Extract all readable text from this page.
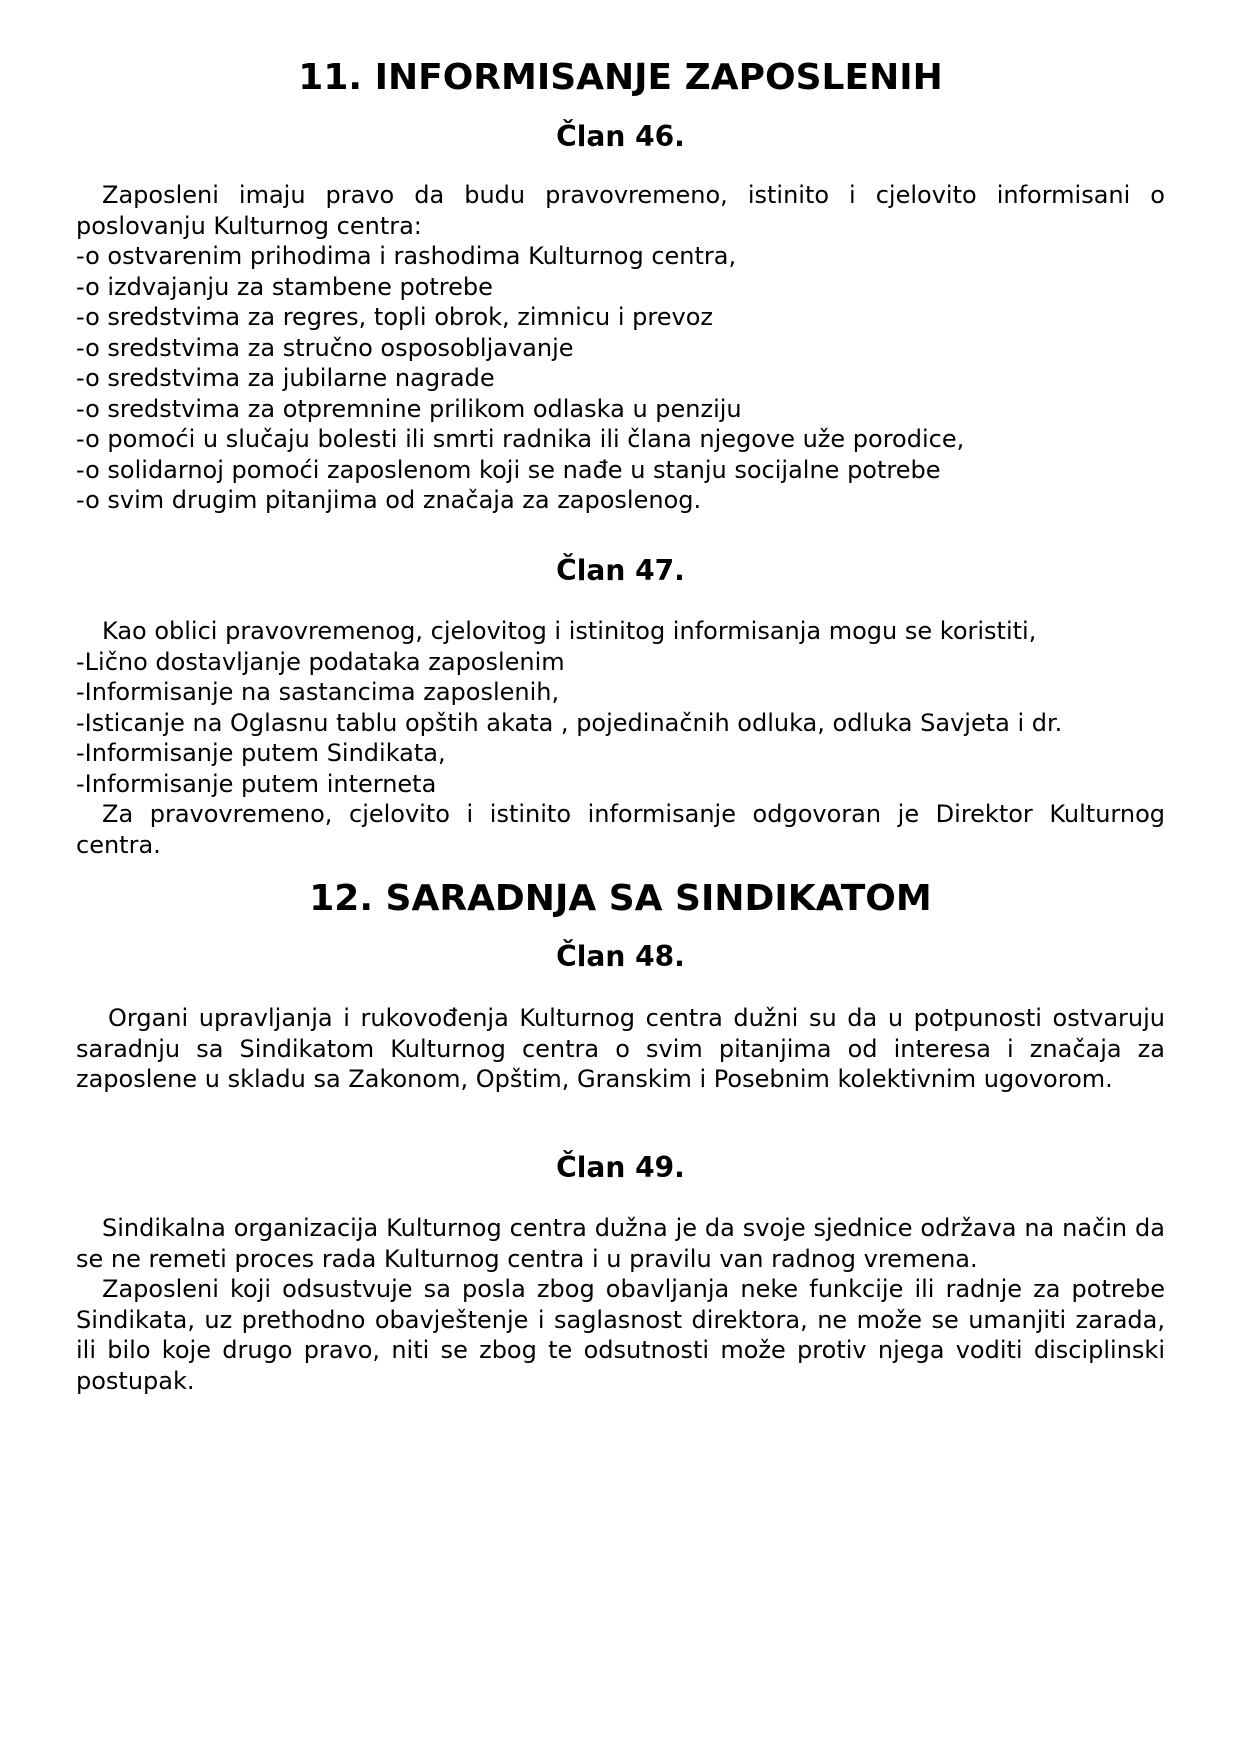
11. INFORMISANJE ZAPOSLENIH
Član 46.

Zaposleni imaju pravo da budu pravovremeno, istinito i cjelovito informisani o poslovanju Kulturnog centra:

-o ostvarenim prihodima i rashodima Kulturnog centra,
-o izdvajanju za stambene potrebe
-o sredstvima za regres, topli obrok, zimnicu i prevoz
-o sredstvima za stručno osposobljavanje
-o sredstvima za jubilarne nagrade
-o sredstvima za otpremnine prilikom odlaska u penziju
-o pomoći u slučaju bolesti ili smrti radnika ili člana njegove uže porodice,
-o solidarnoj pomoći zaposlenom koji se nađe u stanju socijalne potrebe
-o svim drugim pitanjima od značaja za zaposlenog.
Član 47.

Kao oblici pravovremenog, cjelovitog i istinitog informisanja mogu se koristiti,

-Lično dostavljanje podataka zaposlenim
-Informisanje na sastancima zaposlenih,
-Isticanje na Oglasnu tablu opštih akata , pojedinačnih odluka, odluka Savjeta i dr.
-Informisanje putem Sindikata,
-Informisanje putem interneta

Za pravovremeno, cjelovito i istinito informisanje odgovoran je Direktor Kulturnog centra.

12. SARADNJA SA SINDIKATOM
Član 48.

Organi upravljanja i rukovođenja Kulturnog centra dužni su da u potpunosti ostvaruju saradnju sa Sindikatom Kulturnog centra o svim pitanjima od interesa i značaja za zaposlene u skladu sa Zakonom, Opštim, Granskim i Posebnim kolektivnim ugovorom.

Član 49.

Sindikalna organizacija Kulturnog centra dužna je da svoje sjednice održava na način da se ne remeti proces rada Kulturnog centra i u pravilu van radnog vremena.

Zaposleni koji odsustvuje sa posla zbog obavljanja neke funkcije ili radnje za potrebe Sindikata, uz prethodno obavještenje i saglasnost direktora, ne može se umanjiti zarada, ili bilo koje drugo pravo, niti se zbog te odsutnosti može protiv njega voditi disciplinski postupak.
